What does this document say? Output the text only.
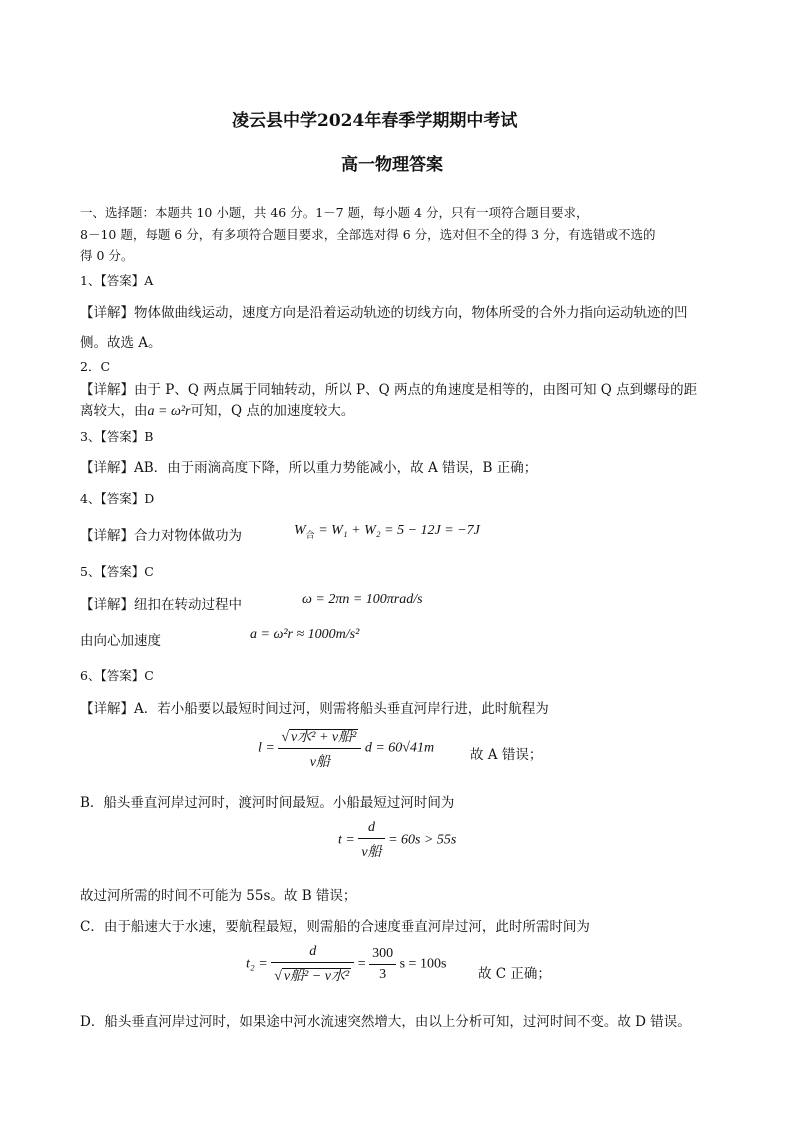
凌云县中学2024年春季学期期中考试
高一物理答案
一、选择题：本题共 10 小题，共 46 分。1－7 题，每小题 4 分，只有一项符合题目要求，
8－10 题，每题 6 分，有多项符合题目要求，全部选对得 6 分，选对但不全的得 3 分，有选错或不选的
得 0 分。
1、【答案】A
【详解】物体做曲线运动，速度方向是沿着运动轨迹的切线方向，物体所受的合外力指向运动轨迹的凹
侧。故选 A。
2．C
【详解】由于 P、Q 两点属于同轴转动，所以 P、Q 两点的角速度是相等的，由图可知 Q 点到螺母的距
离较大，由a = ω²r可知，Q 点的加速度较大。
3、【答案】B
【详解】AB．由于雨滴高度下降，所以重力势能减小，故 A 错误，B 正确；
4、【答案】D
【详解】合力对物体做功为	$W_合 = W_1 + W_2 = 5 - 12J = -7J$
5、【答案】C
【详解】纽扣在转动过程中	ω = 2πn = 100πrad/s
由向心加速度	a = ω²r ≈ 1000m/s²
6、【答案】C
【详解】A．若小船要以最短时间过河，则需将船头垂直河岸行进，此时航程为
$l = \frac{\text{√ v水² + v船²}}{\text{v船}}$ d = 60√41m	故 A 错误；
B．船头垂直河岸过河时，渡河时间最短。小船最短过河时间为
$t = \frac{d}{\text{v船}} = 60s > 55s$
故过河所需的时间不可能为 55s。故 B 错误；
C．由于船速大于水速，要航程最短，则需船的合速度垂直河岸过河，此时所需时间为
$t_2 = \frac{d}{\text{√ v船² − v水²}} = \frac{300}{3}$ s = 100s
故 C 正确；
D．船头垂直河岸过河时，如果途中河水流速突然增大，由以上分析可知，过河时间不变。故 D 错误。
